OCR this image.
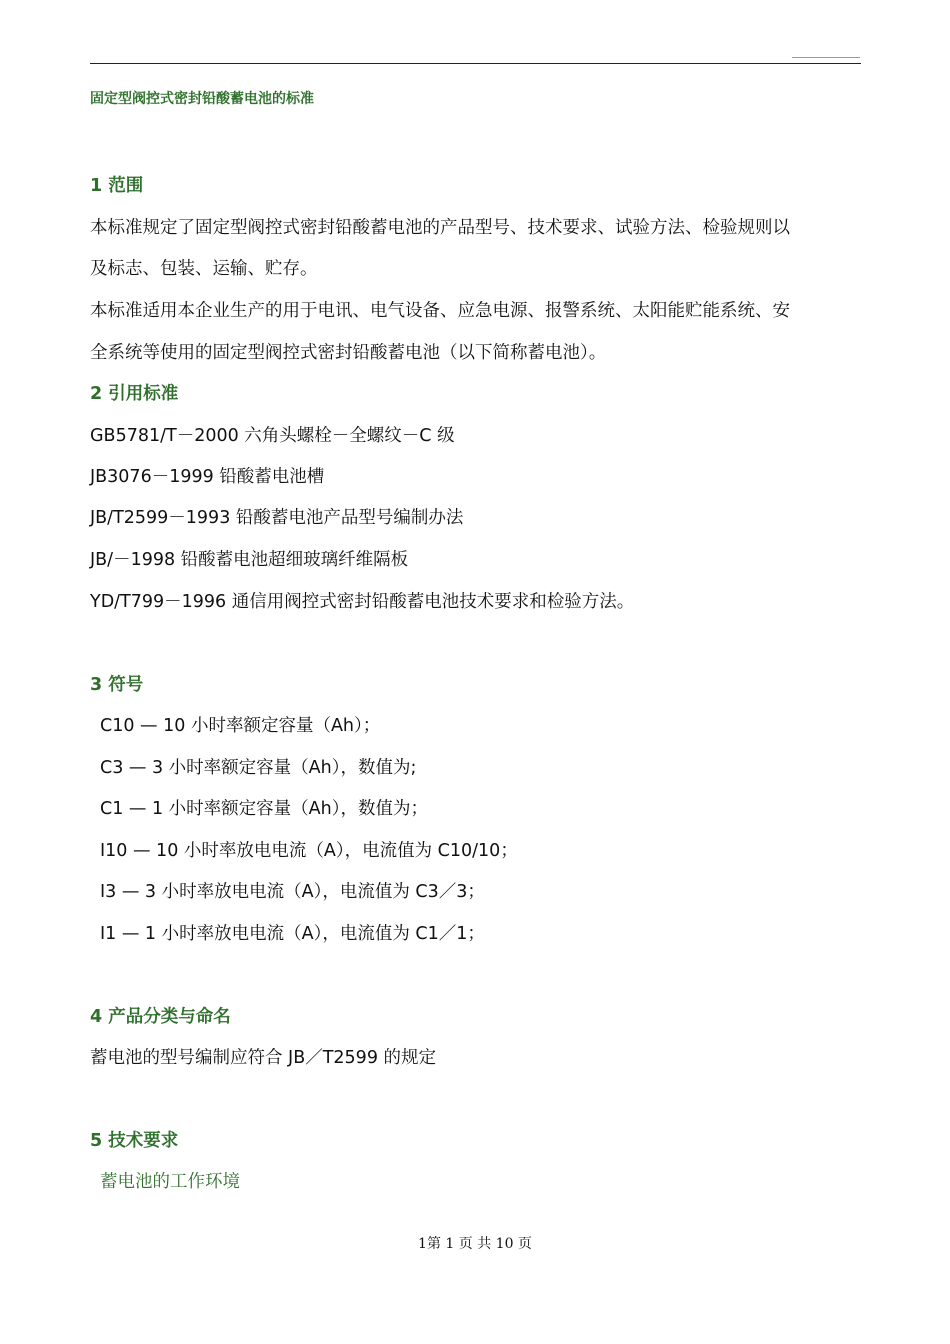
固定型阀控式密封铅酸蓄电池的标准
1 范围
本标准规定了固定型阀控式密封铅酸蓄电池的产品型号、技术要求、试验方法、检验规则以
及标志、包装、运输、贮存。
本标准适用本企业生产的用于电讯、电气设备、应急电源、报警系统、太阳能贮能系统、安
全系统等使用的固定型阀控式密封铅酸蓄电池（以下简称蓄电池）。
2 引用标准
GB5781/T－2000 六角头螺栓－全螺纹－C 级
JB3076－1999 铅酸蓄电池槽
JB/T2599－1993 铅酸蓄电池产品型号编制办法
JB/－1998 铅酸蓄电池超细玻璃纤维隔板
YD/T799－1996 通信用阀控式密封铅酸蓄电池技术要求和检验方法。
3 符号
C10 — 10 小时率额定容量（Ah）；
C3 — 3 小时率额定容量（Ah），数值为;
C1 — 1 小时率额定容量（Ah），数值为；
I10 — 10 小时率放电电流（A），电流值为 C10/10；
I3 — 3 小时率放电电流（A），电流值为 C3／3；
I1 — 1 小时率放电电流（A），电流值为 C1／1；
4 产品分类与命名
蓄电池的型号编制应符合 JB／T2599 的规定
5 技术要求
蓄电池的工作环境
1第 1 页 共 10 页
